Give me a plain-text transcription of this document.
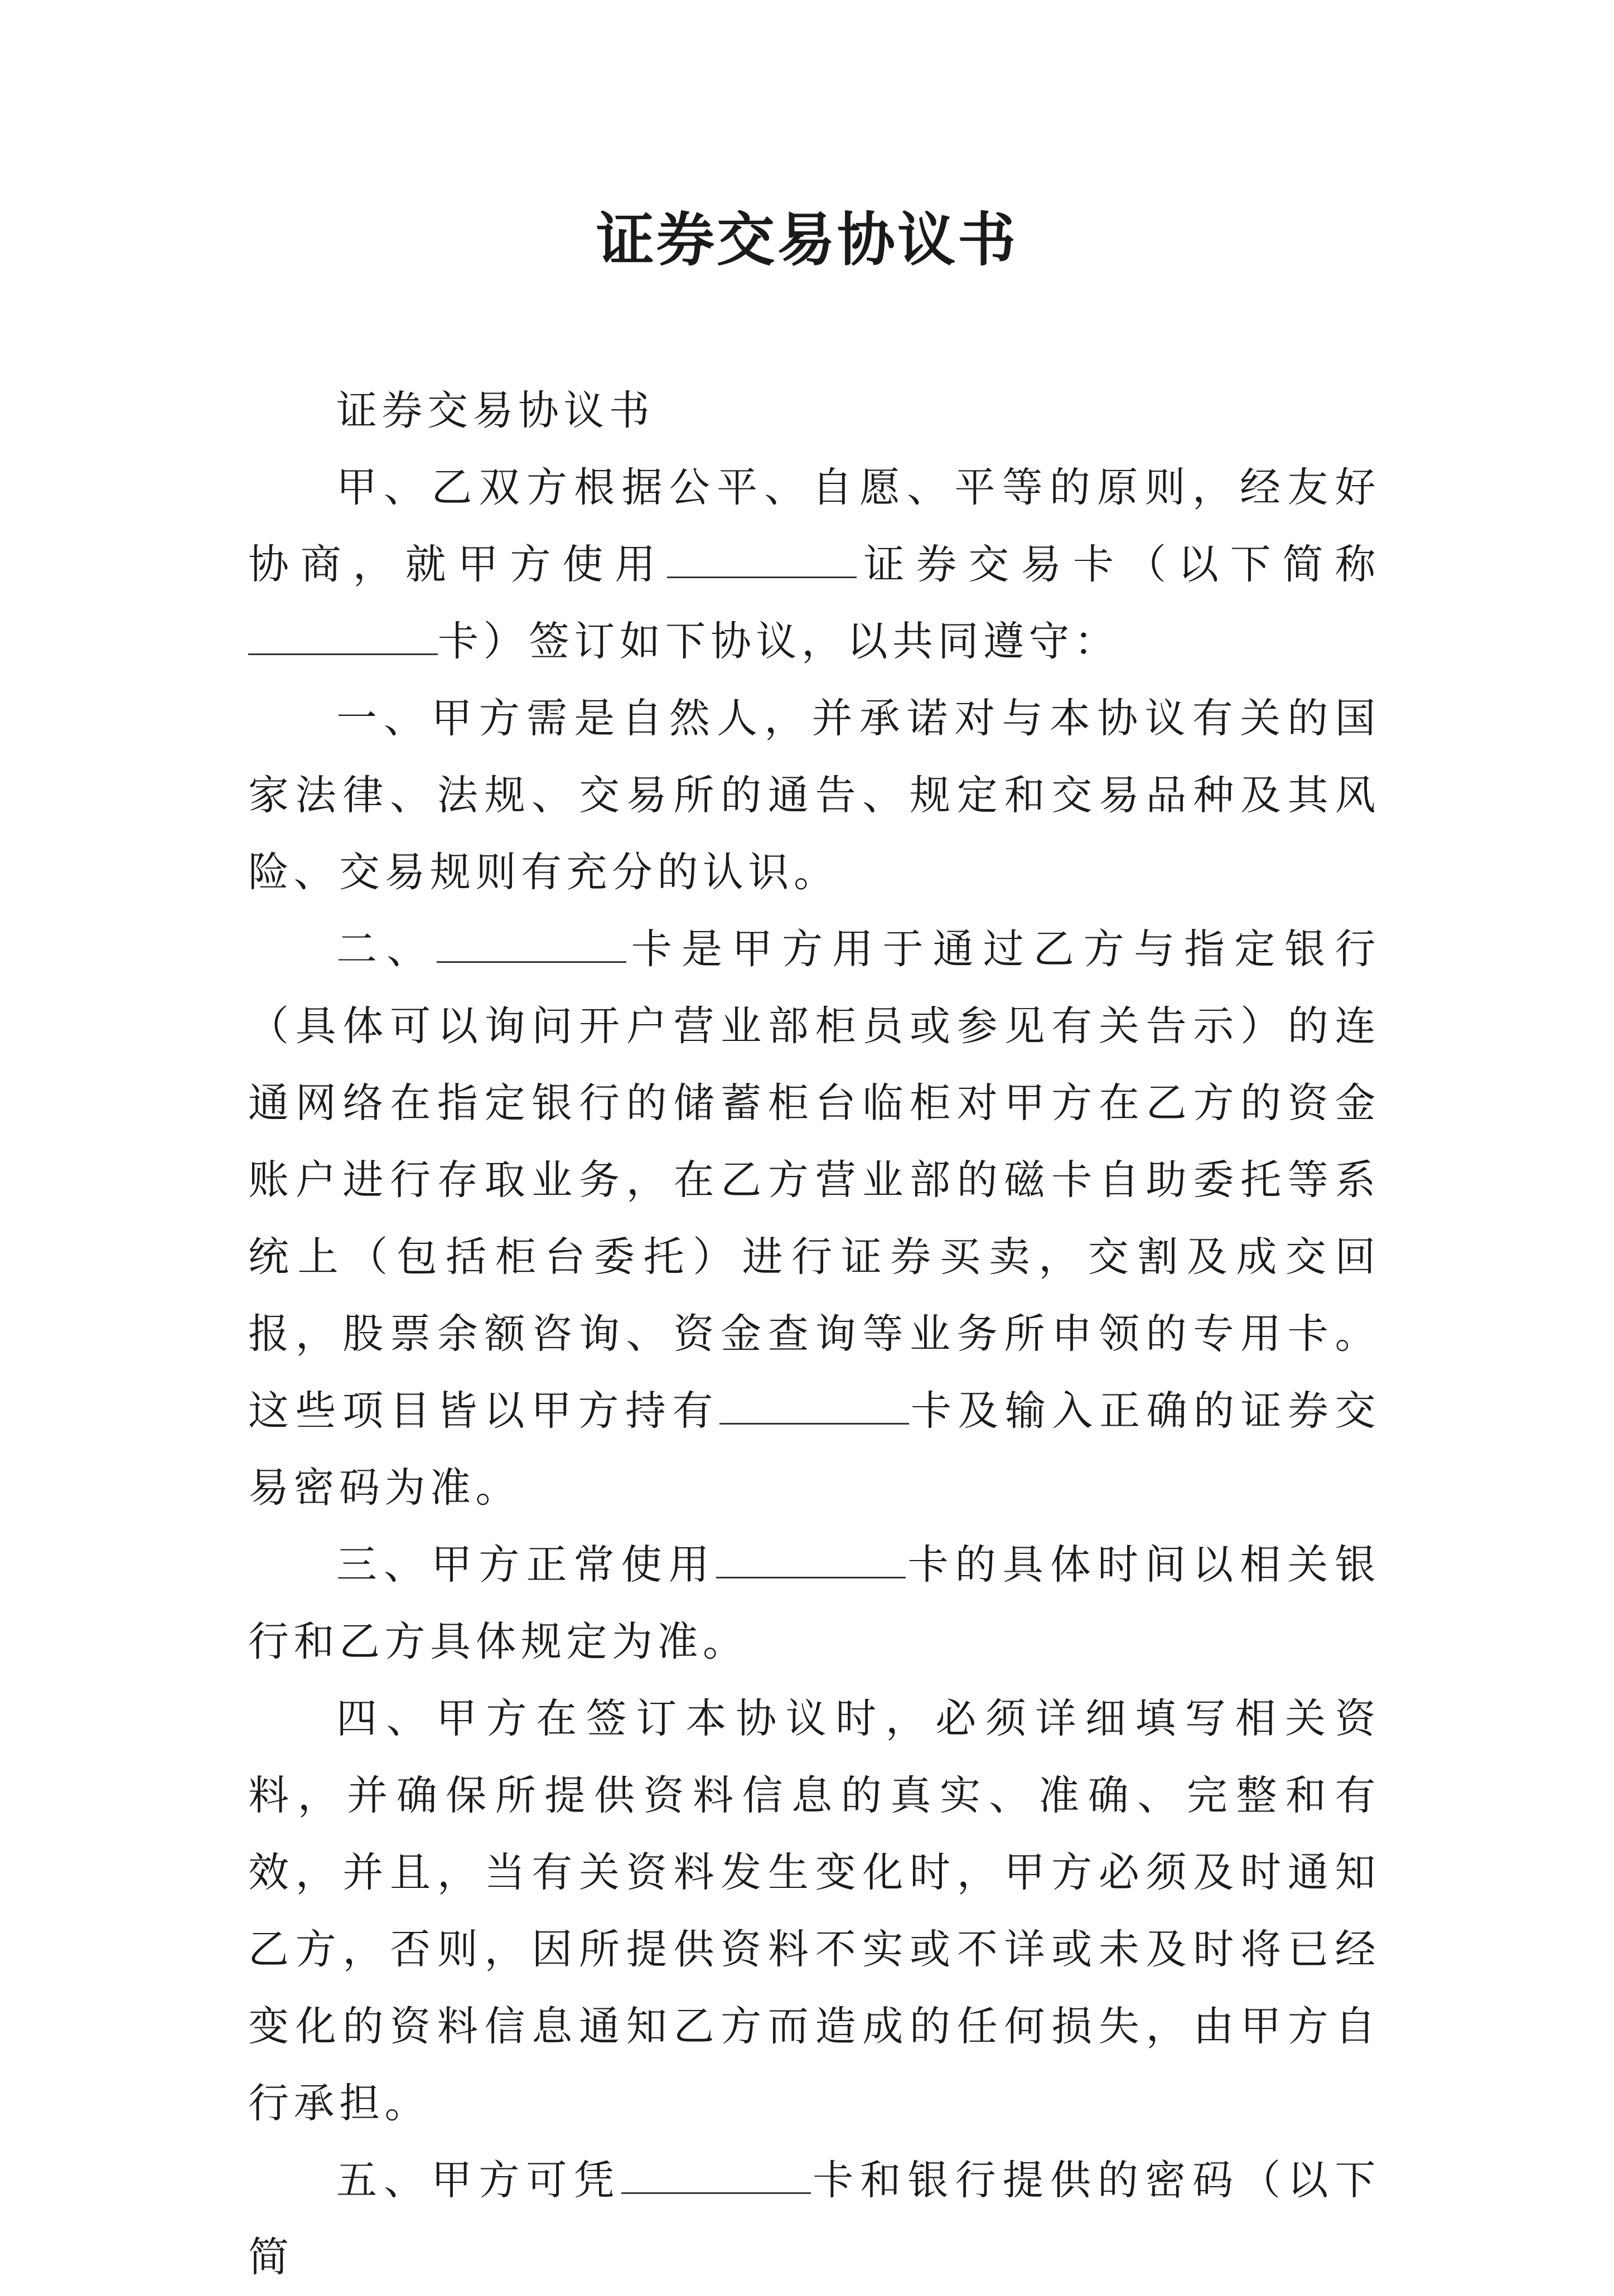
证券交易协议书

证券交易协议书

甲、乙双方根据公平、自愿、平等的原则，经友好协商，就甲方使用	证券交易卡（以下简称卡）签订如下协议，以共同遵守：

一、甲方需是自然人，并承诺对与本协议有关的国家法律、法规、交易所的通告、规定和交易品种及其风险、交易规则有充分的认识。

二、	卡是甲方用于通过乙方与指定银行（具体可以询问开户营业部柜员或参见有关告示）的连通网络在指定银行的储蓄柜台临柜对甲方在乙方的资金账户进行存取业务，在乙方营业部的磁卡自助委托等系统上（包括柜台委托）进行证券买卖，交割及成交回报，股票余额咨询、资金查询等业务所申领的专用卡。这些项目皆以甲方持有	卡及输入正确的证券交易密码为准。

三、甲方正常使用	卡的具体时间以相关银行和乙方具体规定为准。

四、甲方在签订本协议时，必须详细填写相关资料，并确保所提供资料信息的真实、准确、完整和有效，并且，当有关资料发生变化时，甲方必须及时通知乙方，否则，因所提供资料不实或不详或未及时将已经变化的资料信息通知乙方而造成的任何损失，由甲方自行承担。

五、甲方可凭	卡和银行提供的密码（以下简
